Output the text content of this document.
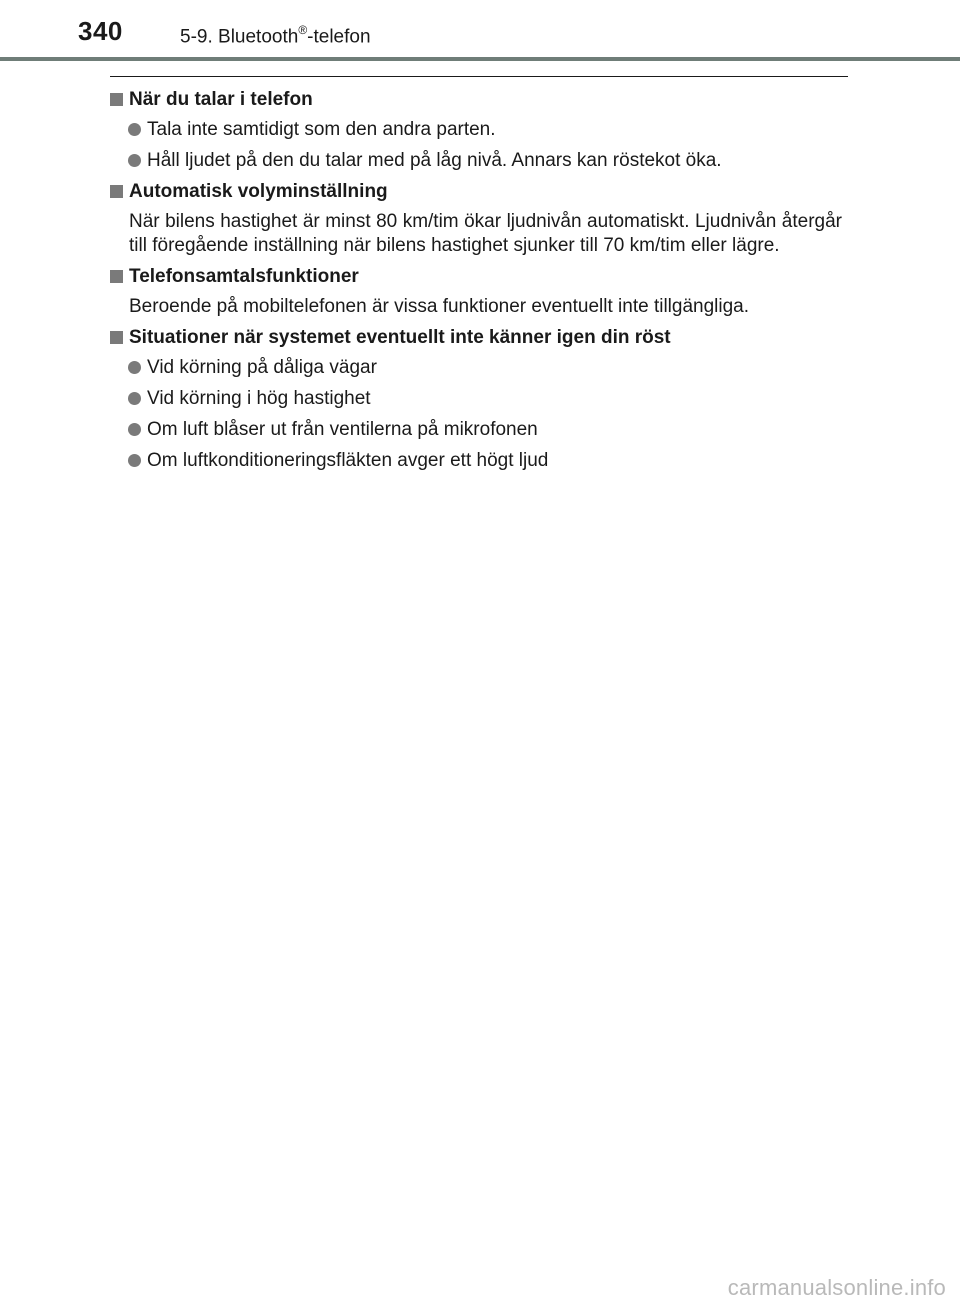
340	5-9. Bluetooth®-telefon
När du talar i telefon
Tala inte samtidigt som den andra parten.
Håll ljudet på den du talar med på låg nivå. Annars kan röstekot öka.
Automatisk volyminställning
När bilens hastighet är minst 80 km/tim ökar ljudnivån automatiskt. Ljudnivån återgår till föregående inställning när bilens hastighet sjunker till 70 km/tim eller lägre.
Telefonsamtalsfunktioner
Beroende på mobiltelefonen är vissa funktioner eventuellt inte tillgängliga.
Situationer när systemet eventuellt inte känner igen din röst
Vid körning på dåliga vägar
Vid körning i hög hastighet
Om luft blåser ut från ventilerna på mikrofonen
Om luftkonditioneringsfläkten avger ett högt ljud
carmanualsonline.info
